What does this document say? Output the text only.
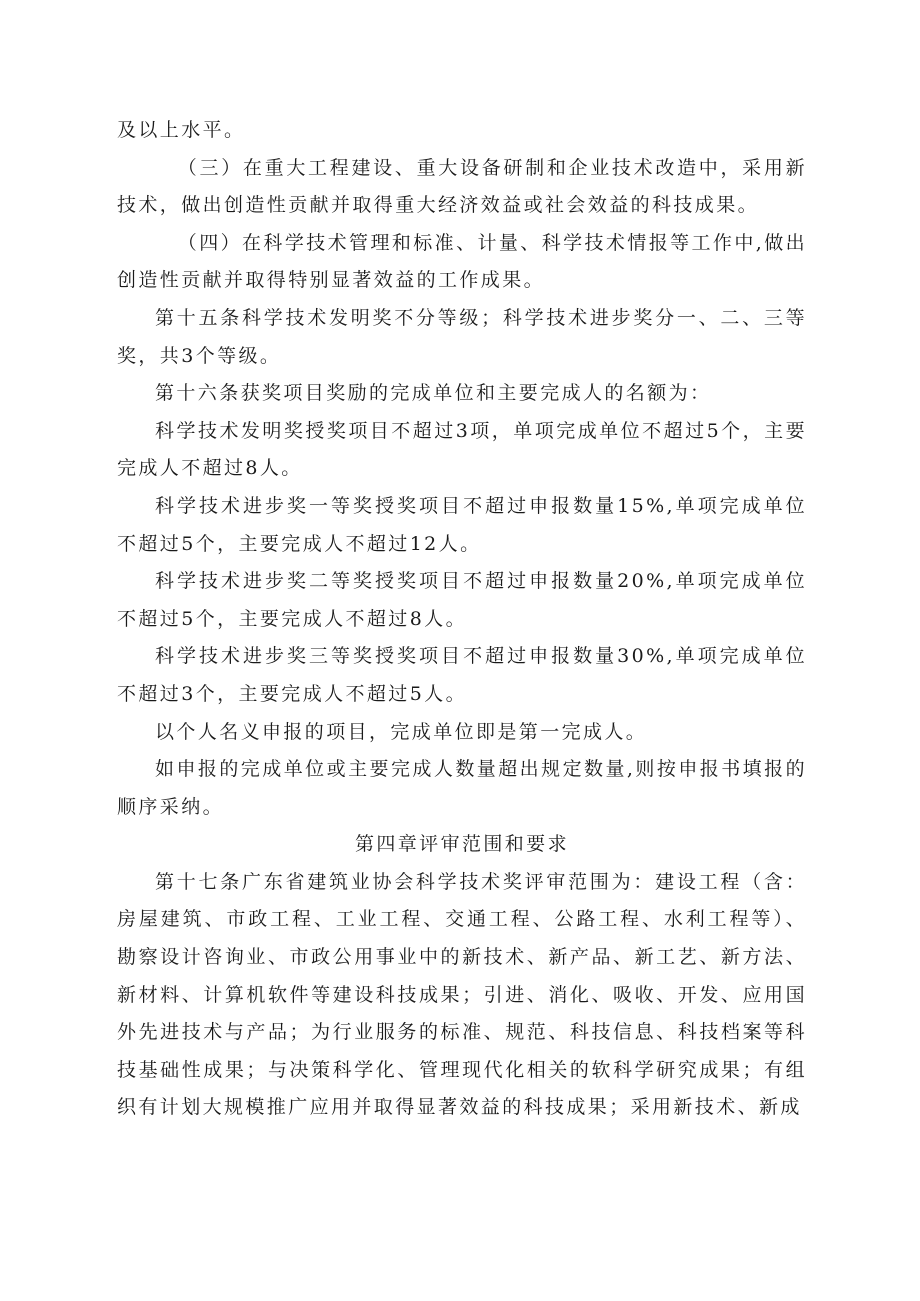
及以上水平。

（三）在重大工程建设、重大设备研制和企业技术改造中，采用新技术，做出创造性贡献并取得重大经济效益或社会效益的科技成果。

（四）在科学技术管理和标准、计量、科学技术情报等工作中,做出创造性贡献并取得特别显著效益的工作成果。

第十五条科学技术发明奖不分等级；科学技术进步奖分一、二、三等奖，共3个等级。

第十六条获奖项目奖励的完成单位和主要完成人的名额为：

科学技术发明奖授奖项目不超过3项，单项完成单位不超过5个，主要完成人不超过8人。

科学技术进步奖一等奖授奖项目不超过申报数量15%,单项完成单位不超过5个，主要完成人不超过12人。

科学技术进步奖二等奖授奖项目不超过申报数量20%,单项完成单位不超过5个，主要完成人不超过8人。

科学技术进步奖三等奖授奖项目不超过申报数量30%,单项完成单位不超过3个，主要完成人不超过5人。

以个人名义申报的项目，完成单位即是第一完成人。

如申报的完成单位或主要完成人数量超出规定数量,则按申报书填报的顺序采纳。

第四章评审范围和要求

第十七条广东省建筑业协会科学技术奖评审范围为：建设工程（含：房屋建筑、市政工程、工业工程、交通工程、公路工程、水利工程等）、勘察设计咨询业、市政公用事业中的新技术、新产品、新工艺、新方法、新材料、计算机软件等建设科技成果；引进、消化、吸收、开发、应用国外先进技术与产品；为行业服务的标准、规范、科技信息、科技档案等科技基础性成果；与决策科学化、管理现代化相关的软科学研究成果；有组织有计划大规模推广应用并取得显著效益的科技成果；采用新技术、新成
